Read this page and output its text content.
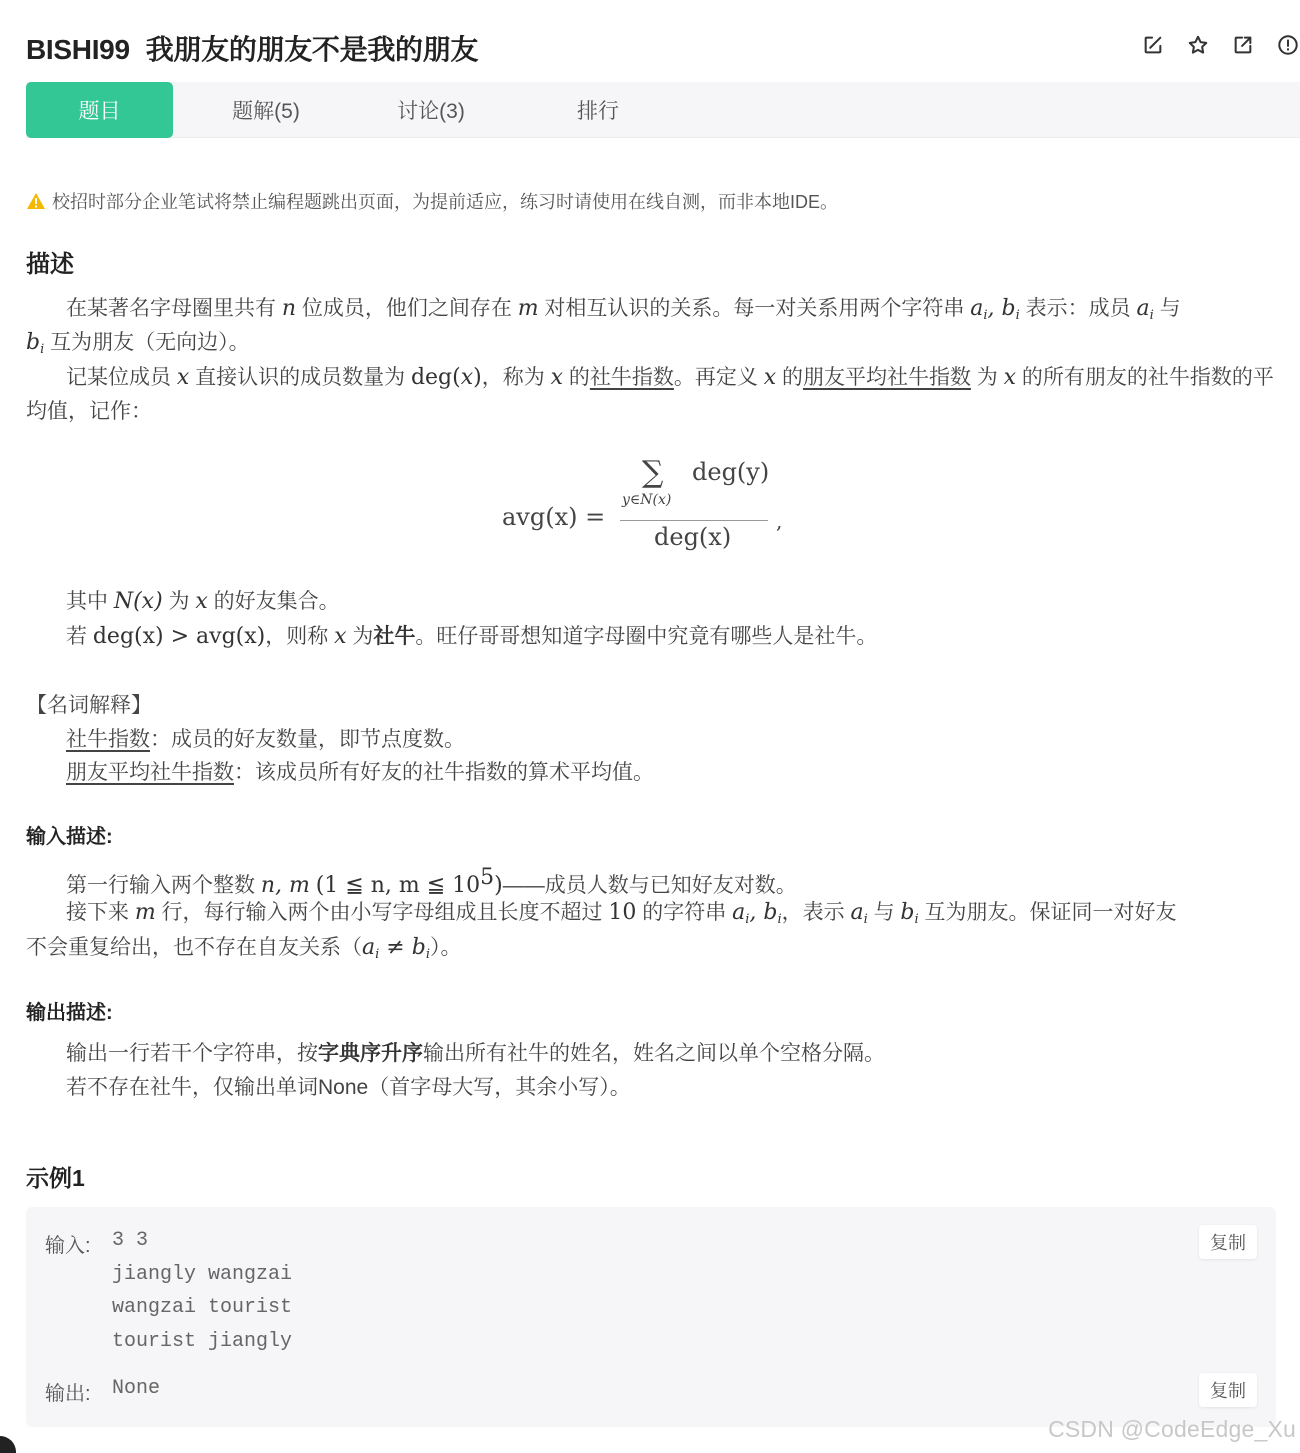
BISHI99 我朋友的朋友不是我的朋友
题目	题解(5)	讨论(3)	排行
校招时部分企业笔试将禁止编程题跳出页面，为提前适应，练习时请使用在线自测，而非本地IDE。
描述
在某著名字母圈里共有 n 位成员，他们之间存在 m 对相互认识的关系。每一对关系用两个字符串 $a_i$, $b_i$ 表示：成员 $a_i$ 与
$b_i$ 互为朋友（无向边）。
记某位成员 x 直接认识的成员数量为 deg(x)，称为 x 的社牛指数。再定义 x 的朋友平均社牛指数 为 x 的所有朋友的社牛指数的平均值，记作：
avg(x) =
∑
y∈N(x)
deg(y)
deg(x)
,
其中 N(x) 为 x 的好友集合。
若 deg(x) > avg(x)，则称 x 为社牛。旺仔哥哥想知道字母圈中究竟有哪些人是社牛。
【名词解释】
社牛指数：成员的好友数量，即节点度数。
朋友平均社牛指数：该成员所有好友的社牛指数的算术平均值。
输入描述:
第一行输入两个整数 n, m (1 ≦ n, m ≦ $10^5)——$成员人数与已知好友对数。
接下来 m 行，每行输入两个由小写字母组成且长度不超过 10 的字符串 $a_i$, $b_i$，表示 $a_i$ 与 $b_i$ 互为朋友。保证同一对好友
不会重复给出，也不存在自友关系$(a_i \ne b_i)$。
输出描述:
输出一行若干个字符串，按字典序升序输出所有社牛的姓名，姓名之间以单个空格分隔。
若不存在社牛，仅输出单词None（首字母大写，其余小写）。
示例1
输入: 3 3
jiangly wangzai
wangzai tourist
tourist jiangly
复制
输出: None	复制
CSDN @CodeEdge_Xu
